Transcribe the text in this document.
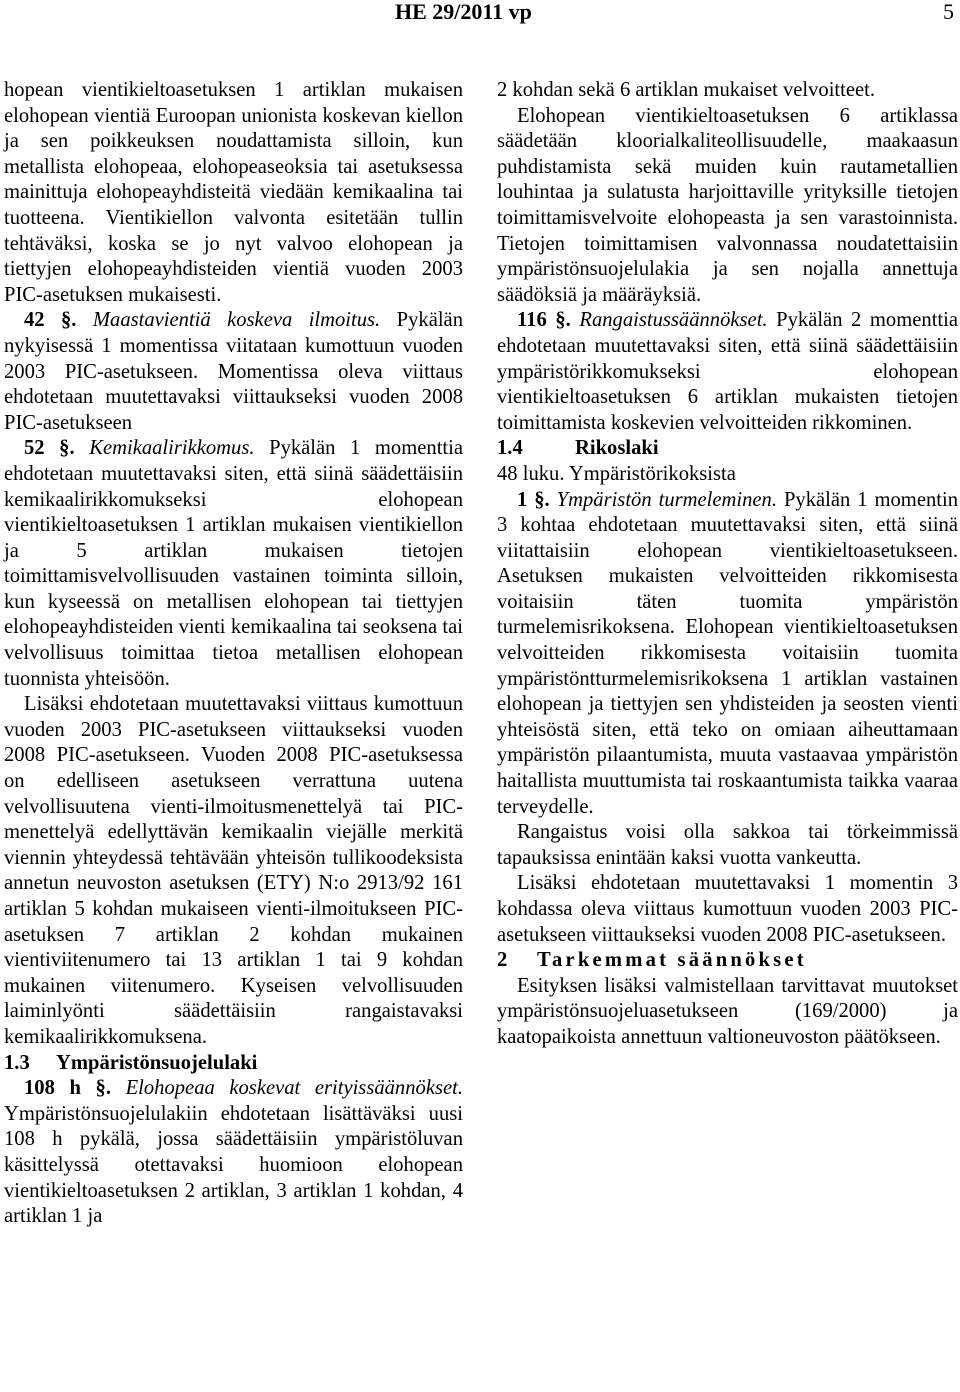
HE 29/2011 vp	5

hopean vientikieltoasetuksen 1 artiklan mukaisen elohopean vientiä Euroopan unionista koskevan kiellon ja sen poikkeuksen noudattamista silloin, kun metallista elohopeaa, elohopeaseoksia tai asetuksessa mainittuja elohopeayhdisteitä viedään kemikaalina tai tuotteena. Vientikiellon valvonta esitetään tullin tehtäväksi, koska se jo nyt valvoo elohopean ja tiettyjen elohopeayhdisteiden vientiä vuoden 2003 PIC-asetuksen mukaisesti.

42 §. Maastavientiä koskeva ilmoitus. Pykälän nykyisessä 1 momentissa viitataan kumottuun vuoden 2003 PIC-asetukseen. Momentissa oleva viittaus ehdotetaan muutettavaksi viittaukseksi vuoden 2008 PIC-asetukseen

52 §. Kemikaalirikkomus. Pykälän 1 momenttia ehdotetaan muutettavaksi siten, että siinä säädettäisiin kemikaalirikkomukseksi elohopean vientikieltoasetuksen 1 artiklan mukaisen vientikiellon ja 5 artiklan mukaisen tietojen toimittamisvelvollisuuden vastainen toiminta silloin, kun kyseessä on metallisen elohopean tai tiettyjen elohopeayhdisteiden vienti kemikaalina tai seoksena tai velvollisuus toimittaa tietoa metallisen elohopean tuonnista yhteisöön.

Lisäksi ehdotetaan muutettavaksi viittaus kumottuun vuoden 2003 PIC-asetukseen viittaukseksi vuoden 2008 PIC-asetukseen. Vuoden 2008 PIC-asetuksessa on edelliseen asetukseen verrattuna uutena velvollisuutena vienti-ilmoitusmenettelyä tai PIC-menettelyä edellyttävän kemikaalin viejälle merkitä viennin yhteydessä tehtävään yhteisön tullikoodeksista annetun neuvoston asetuksen (ETY) N:o 2913/92 161 artiklan 5 kohdan mukaiseen vienti-ilmoitukseen PIC-asetuksen 7 artiklan 2 kohdan mukainen vientiviitenumero tai 13 artiklan 1 tai 9 kohdan mukainen viitenumero. Kyseisen velvollisuuden laiminlyönti säädettäisiin rangaistavaksi kemikaalirikkomuksena.

1.3 Ympäristönsuojelulaki

108 h §. Elohopeaa koskevat erityissäännökset. Ympäristönsuojelulakiin ehdotetaan lisättäväksi uusi 108 h pykälä, jossa säädettäisiin ympäristöluvan käsittelyssä otettavaksi huomioon elohopean vientikieltoasetuksen 2 artiklan, 3 artiklan 1 kohdan, 4 artiklan 1 ja

2 kohdan sekä 6 artiklan mukaiset velvoitteet.

Elohopean vientikieltoasetuksen 6 artiklassa säädetään kloorialkaliteollisuudelle, maakaasun puhdistamista sekä muiden kuin rautametallien louhintaa ja sulatusta harjoittaville yrityksille tietojen toimittamisvelvoite elohopeasta ja sen varastoinnista. Tietojen toimittamisen valvonnassa noudatettaisiin ympäristönsuojelulakia ja sen nojalla annettuja säädöksiä ja määräyksiä.

116 §. Rangaistussäännökset. Pykälän 2 momenttia ehdotetaan muutettavaksi siten, että siinä säädettäisiin ympäristörikkomukseksi elohopean vientikieltoasetuksen 6 artiklan mukaisten tietojen toimittamista koskevien velvoitteiden rikkominen.

1.4	Rikoslaki

48 luku. Ympäristörikoksista

1 §. Ympäristön turmeleminen. Pykälän 1 momentin 3 kohtaa ehdotetaan muutettavaksi siten, että siinä viitattaisiin elohopean vientikieltoasetukseen. Asetuksen mukaisten velvoitteiden rikkomisesta voitaisiin täten tuomita ympäristön turmelemisrikoksena. Elohopean vientikieltoasetuksen velvoitteiden rikkomisesta voitaisiin tuomita ympäristöntturmelemisrikoksena 1 artiklan vastainen elohopean ja tiettyjen sen yhdisteiden ja seosten vienti yhteisöstä siten, että teko on omiaan aiheuttamaan ympäristön pilaantumista, muuta vastaavaa ympäristön haitallista muuttumista tai roskaantumista taikka vaaraa terveydelle.

Rangaistus voisi olla sakkoa tai törkeimmissä tapauksissa enintään kaksi vuotta vankeutta.

Lisäksi ehdotetaan muutettavaksi 1 momentin 3 kohdassa oleva viittaus kumottuun vuoden 2003 PIC-asetukseen viittaukseksi vuoden 2008 PIC-asetukseen.

2 Tarkemmat säännökset

Esityksen lisäksi valmistellaan tarvittavat muutokset ympäristönsuojeluasetukseen (169/2000) ja kaatopaikoista annettuun valtioneuvoston päätökseen.
